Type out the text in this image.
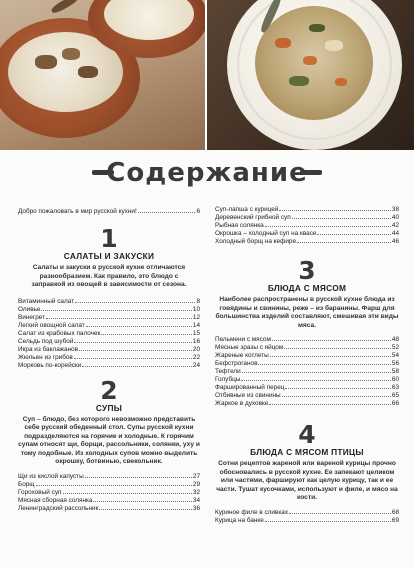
Содержание
Добро пожаловать в мир русской кухни!	6
1
САЛАТЫ И ЗАКУСКИ
Салаты и закуски в русской кухне отличаются разнообразием. Как правило, это блюдо с заправкой из овощей в зависимости от сезона.
Витаминный салат	8
Оливье	10
Винегрет	12
Легкий овощной салат	14
Салат из крабовых палочек	15
Сельдь под шубой	16
Икра из баклажанов	20
Жюльен из грибов	22
Морковь по-корейски	24
2
СУПЫ
Суп – блюдо, без которого невозможно представить себе русский обеденный стол. Супы русской кухни подразделяются на горячие и холодные. К горячим супам относят щи, борщи, рассольники, солянки, уху и тому подобные. Из холодных супов можно выделить окрошку, ботвинью, свекольник.
Щи из кислой капусты	27
Борщ	29
Гороховый суп	32
Мясная сборная солянка	34
Ленинградский рассольник	36
Суп-лапша с курицей	38
Деревенский грибной суп	40
Рыбная солянка	42
Окрошка – холодный суп на квасе	44
Холодный борщ на кефире	46
3
БЛЮДА С МЯСОМ
Наиболее распространены в русской кухне блюда из говядины и свинины, реже – из баранины. Фарш для большинства изделий составляют, смешивая эти виды мяса.
Пельмени с мясом	48
Мясные зразы с яйцом	52
Жареные котлеты	54
Бефстроганов	56
Тефтели	58
Голубцы	60
Фаршированный перец	63
Отбивные из свинины	65
Жаркое в духовке	66
4
БЛЮДА С МЯСОМ ПТИЦЫ
Сотни рецептов жареной или вареной курицы прочно обосновались в русской кухне. Ее запекают целиком или частями, фаршируют как целую курицу, так и ее части. Тушат кусочками, используют и филе, и мясо на кости.
Куриное филе в сливках	68
Курица на банке	69
